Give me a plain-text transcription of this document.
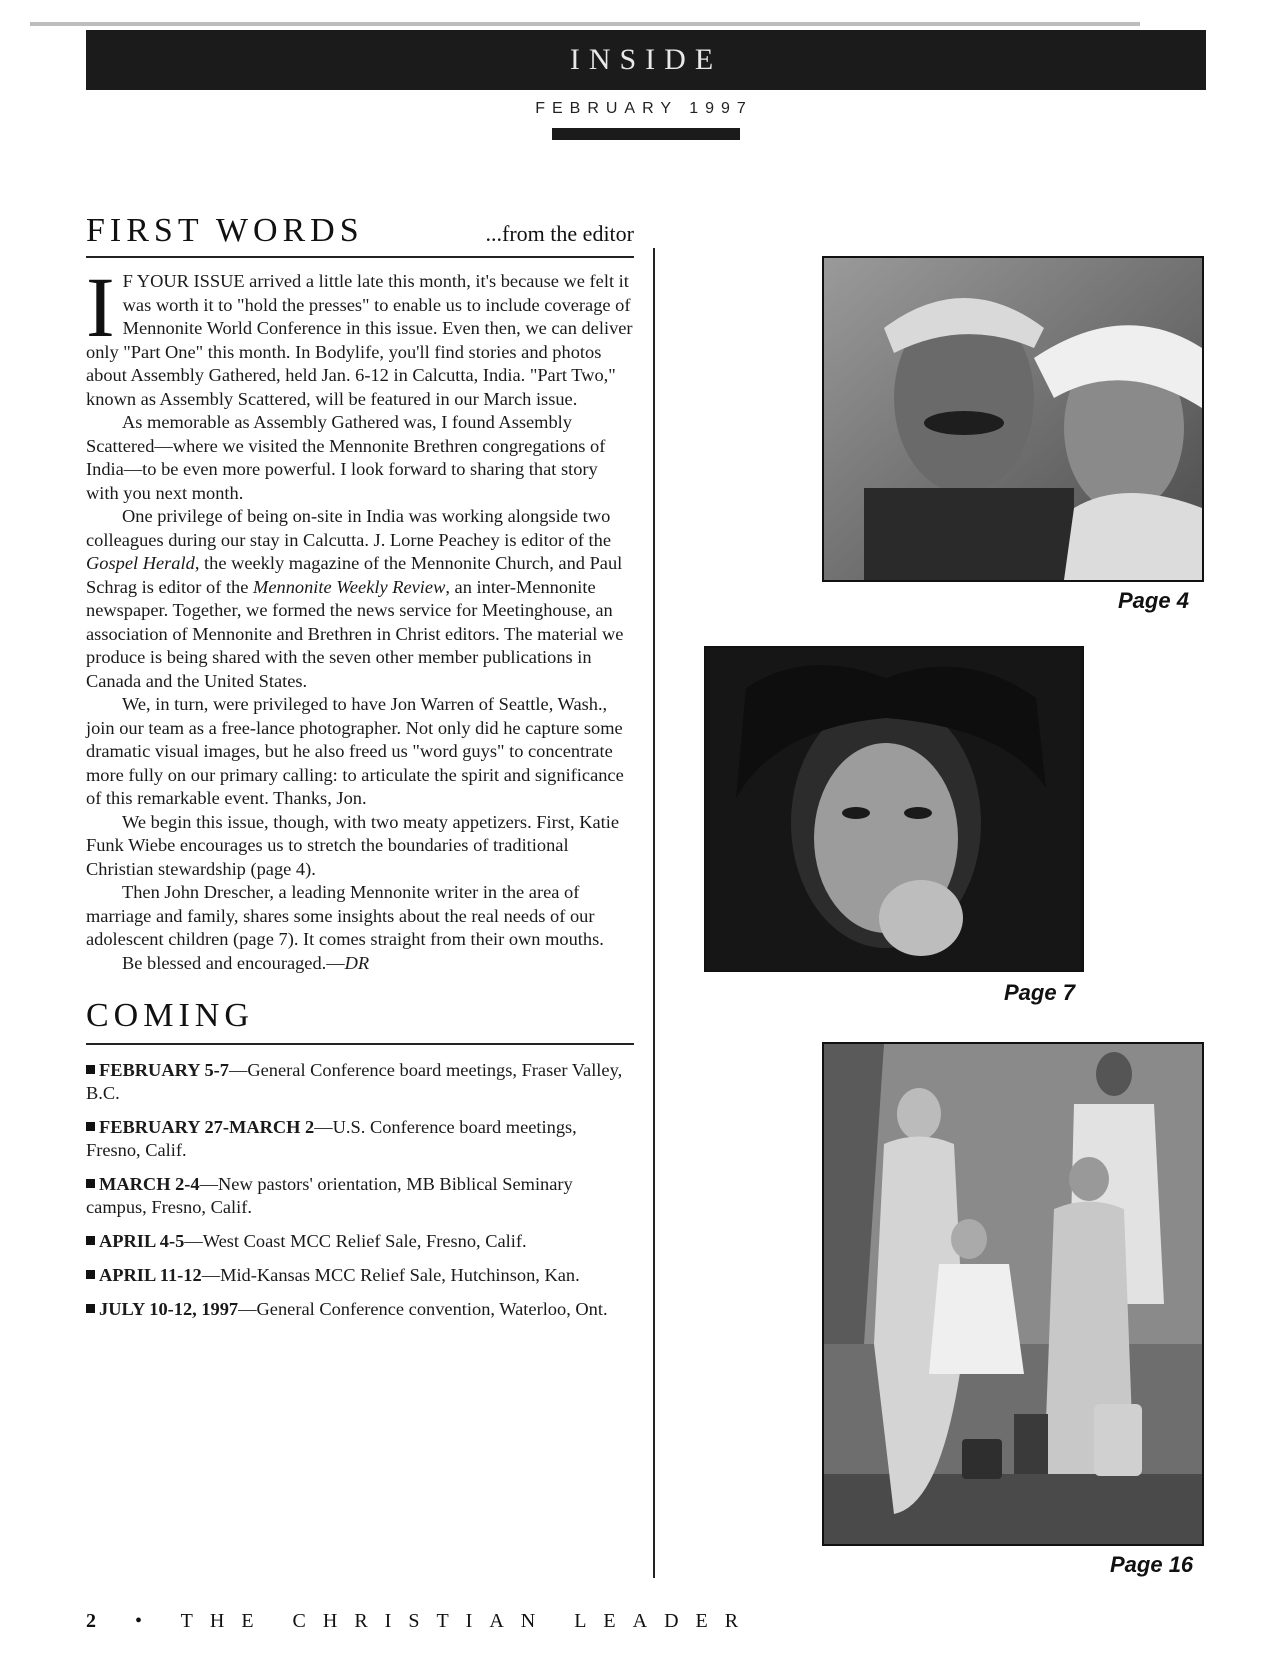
INSIDE
FEBRUARY 1997
FIRST WORDS	...from the editor

I F YOUR ISSUE arrived a little late this month, it's because we felt it was worth it to "hold the presses" to enable us to include coverage of Mennonite World Conference in this issue. Even then, we can deliver only "Part One" this month. In Bodylife, you'll find stories and photos about Assembly Gathered, held Jan. 6-12 in Calcutta, India. "Part Two," known as Assembly Scattered, will be featured in our March issue.

As memorable as Assembly Gathered was, I found Assembly Scattered—where we visited the Mennonite Brethren congregations of India—to be even more powerful. I look forward to sharing that story with you next month.

One privilege of being on-site in India was working alongside two colleagues during our stay in Calcutta. J. Lorne Peachey is editor of the Gospel Herald, the weekly magazine of the Mennonite Church, and Paul Schrag is editor of the Mennonite Weekly Review, an inter-Mennonite newspaper. Together, we formed the news service for Meetinghouse, an association of Mennonite and Brethren in Christ editors. The material we produce is being shared with the seven other member publications in Canada and the United States.

We, in turn, were privileged to have Jon Warren of Seattle, Wash., join our team as a free-lance photographer. Not only did he capture some dramatic visual images, but he also freed us "word guys" to concentrate more fully on our primary calling: to articulate the spirit and significance of this remarkable event. Thanks, Jon.

We begin this issue, though, with two meaty appetizers. First, Katie Funk Wiebe encourages us to stretch the boundaries of traditional Christian stewardship (page 4).

Then John Drescher, a leading Mennonite writer in the area of marriage and family, shares some insights about the real needs of our adolescent children (page 7). It comes straight from their own mouths.

Be blessed and encouraged.—DR

COMING
FEBRUARY 5-7—General Conference board meetings, Fraser Valley, B.C.
FEBRUARY 27-MARCH 2—U.S. Conference board meetings, Fresno, Calif.
MARCH 2-4—New pastors' orientation, MB Biblical Seminary campus, Fresno, Calif.
APRIL 4-5—West Coast MCC Relief Sale, Fresno, Calif.
APRIL 11-12—Mid-Kansas MCC Relief Sale, Hutchinson, Kan.
JULY 10-12, 1997—General Conference convention, Waterloo, Ont.
Page 4
Page 7
Page 16
2 • THE CHRISTIAN LEADER
